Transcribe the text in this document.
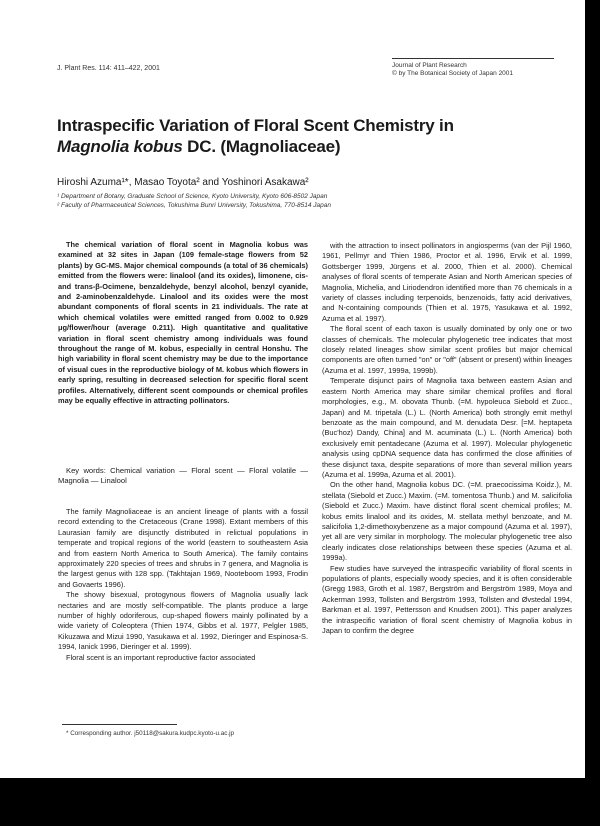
J. Plant Res. 114: 411–422, 2001	Journal of Plant Research
© by The Botanical Society of Japan 2001
Intraspecific Variation of Floral Scent Chemistry in
Magnolia kobus DC. (Magnoliaceae)
Hiroshi Azuma¹*, Masao Toyota² and Yoshinori Asakawa²
¹ Department of Botany, Graduate School of Science, Kyoto University, Kyoto 606-8502 Japan
² Faculty of Pharmaceutical Sciences, Tokushima Bunri University, Tokushima, 770-8514 Japan

The chemical variation of floral scent in Magnolia kobus was examined at 32 sites in Japan (109 female-stage flowers from 52 plants) by GC-MS. Major chemical compounds (a total of 36 chemicals) emitted from the flowers were: linalool (and its oxides), limonene, cis- and trans-β-Ocimene, benzaldehyde, benzyl alcohol, benzyl cyanide, and 2-aminobenzaldehyde. Linalool and its oxides were the most abundant components of floral scents in 21 individuals. The rate at which chemical volatiles were emitted ranged from 0.002 to 0.929 μg/flower/hour (average 0.211). High quantitative and qualitative variation in floral scent chemistry among individuals was found throughout the range of M. kobus, especially in central Honshu. The high variability in floral scent chemistry may be due to the importance of visual cues in the reproductive biology of M. kobus which flowers in early spring, resulting in decreased selection for specific floral scent profiles. Alternatively, different scent compounds or chemical profiles may be equally effective in attracting pollinators.

Key words: Chemical variation — Floral scent — Floral volatile — Magnolia — Linalool

The family Magnoliaceae is an ancient lineage of plants with a fossil record extending to the Cretaceous (Crane 1998). Extant members of this Laurasian family are disjunctly distributed in relictual populations in temperate and tropical regions of the world (eastern to southeastern Asia and from eastern North America to South America). The family contains approximately 220 species of trees and shrubs in 7 genera, and Magnolia is the largest genus with 128 spp. (Takhtajan 1969, Nooteboom 1993, Frodin and Govaerts 1996).

The showy bisexual, protogynous flowers of Magnolia usually lack nectaries and are mostly self-compatible. The plants produce a large number of highly odoriferous, cup-shaped flowers mainly pollinated by a wide variety of Coleoptera (Thien 1974, Gibbs et al. 1977, Pelgler 1985, Kikuzawa and Mizui 1990, Yasukawa et al. 1992, Dieringer and Espinosa-S. 1994, Ianick 1996, Dieringer et al. 1999).

Floral scent is an important reproductive factor associated

with the attraction to insect pollinators in angiosperms (van der Pijl 1960, 1961, Pellmyr and Thien 1986, Proctor et al. 1996, Ervik et al. 1999, Gottsberger 1999, Jürgens et al. 2000, Thien et al. 2000). Chemical analyses of floral scents of temperate Asian and North American species of Magnolia, Michelia, and Liriodendron identified more than 76 chemicals in a variety of classes including terpenoids, benzenoids, fatty acid derivatives, and N-containing compounds (Thien et al. 1975, Yasukawa et al. 1992, Azuma et al. 1997).

The floral scent of each taxon is usually dominated by only one or two classes of chemicals. The molecular phylogenetic tree indicates that most closely related lineages show similar scent profiles but major chemical components are often turned "on" or "off" (absent or present) within lineages (Azuma et al. 1997, 1999a, 1999b).

Temperate disjunct pairs of Magnolia taxa between eastern Asian and eastern North America may share similar chemical profiles and floral morphologies, e.g., M. obovata Thunb. (=M. hypoleuca Siebold et Zucc., Japan) and M. tripetala (L.) L. (North America) both strongly emit methyl benzoate as the main compound, and M. denudata Desr. [=M. heptapeta (Buc'hoz) Dandy, China] and M. acuminata (L.) L. (North America) both exclusively emit pentadecane (Azuma et al. 1997). Molecular phylogenetic analysis using cpDNA sequence data has confirmed the close affinities of these disjunct taxa, despite separations of more than several million years (Azuma et al. 1999a, Azuma et al. 2001).

On the other hand, Magnolia kobus DC. (=M. praecocissima Koidz.), M. stellata (Siebold et Zucc.) Maxim. (=M. tomentosa Thunb.) and M. salicifolia (Siebold et Zucc.) Maxim. have distinct floral scent chemical profiles; M. kobus emits linalool and its oxides, M. stellata methyl benzoate, and M. salicifolia 1,2-dimethoxybenzene as a major compound (Azuma et al. 1997), yet all are very similar in morphology. The molecular phylogenetic tree also clearly indicates close relationships between these species (Azuma et al. 1999a).

Few studies have surveyed the intraspecific variability of floral scents in populations of plants, especially woody species, and it is often considerable (Gregg 1983, Groth et al. 1987, Bergström and Bergström 1989, Moya and Ackerman 1993, Tollsten and Bergström 1993, Tollsten and Øvstedal 1994, Barkman et al. 1997, Pettersson and Knudsen 2001). This paper analyzes the intraspecific variation of floral scent chemistry of Magnolia kobus in Japan to confirm the degree

* Corresponding author. j50118@sakura.kudpc.kyoto-u.ac.jp
